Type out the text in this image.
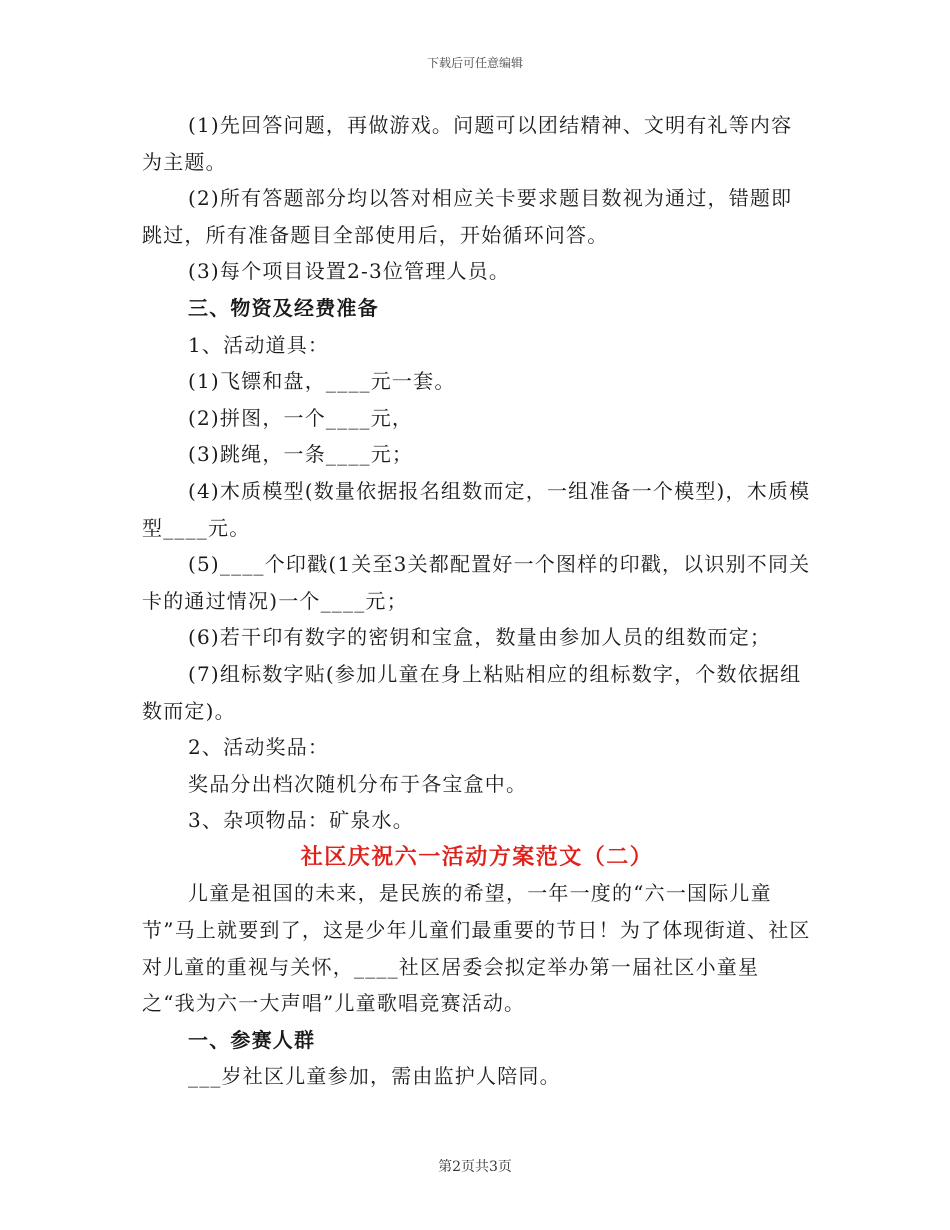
下载后可任意编辑

(1)先回答问题，再做游戏。问题可以团结精神、文明有礼等内容为主题。

(2)所有答题部分均以答对相应关卡要求题目数视为通过，错题即跳过，所有准备题目全部使用后，开始循环问答。

(3)每个项目设置2-3位管理人员。

三、物资及经费准备

1、活动道具：

(1)飞镖和盘，____元一套。

(2)拼图，一个____元，

(3)跳绳，一条____元；

(4)木质模型(数量依据报名组数而定，一组准备一个模型)，木质模型____元。

(5)____个印戳(1关至3关都配置好一个图样的印戳，以识别不同关卡的通过情况)一个____元；

(6)若干印有数字的密钥和宝盒，数量由参加人员的组数而定；

(7)组标数字贴(参加儿童在身上粘贴相应的组标数字，个数依据组数而定)。

2、活动奖品：

奖品分出档次随机分布于各宝盒中。

3、杂项物品：矿泉水。

社区庆祝六一活动方案范文（二）

儿童是祖国的未来，是民族的希望，一年一度的“六一国际儿童节”马上就要到了，这是少年儿童们最重要的节日！为了体现街道、社区对儿童的重视与关怀，____社区居委会拟定举办第一届社区小童星之“我为六一大声唱”儿童歌唱竞赛活动。

一、参赛人群

___岁社区儿童参加，需由监护人陪同。

第2页共3页
